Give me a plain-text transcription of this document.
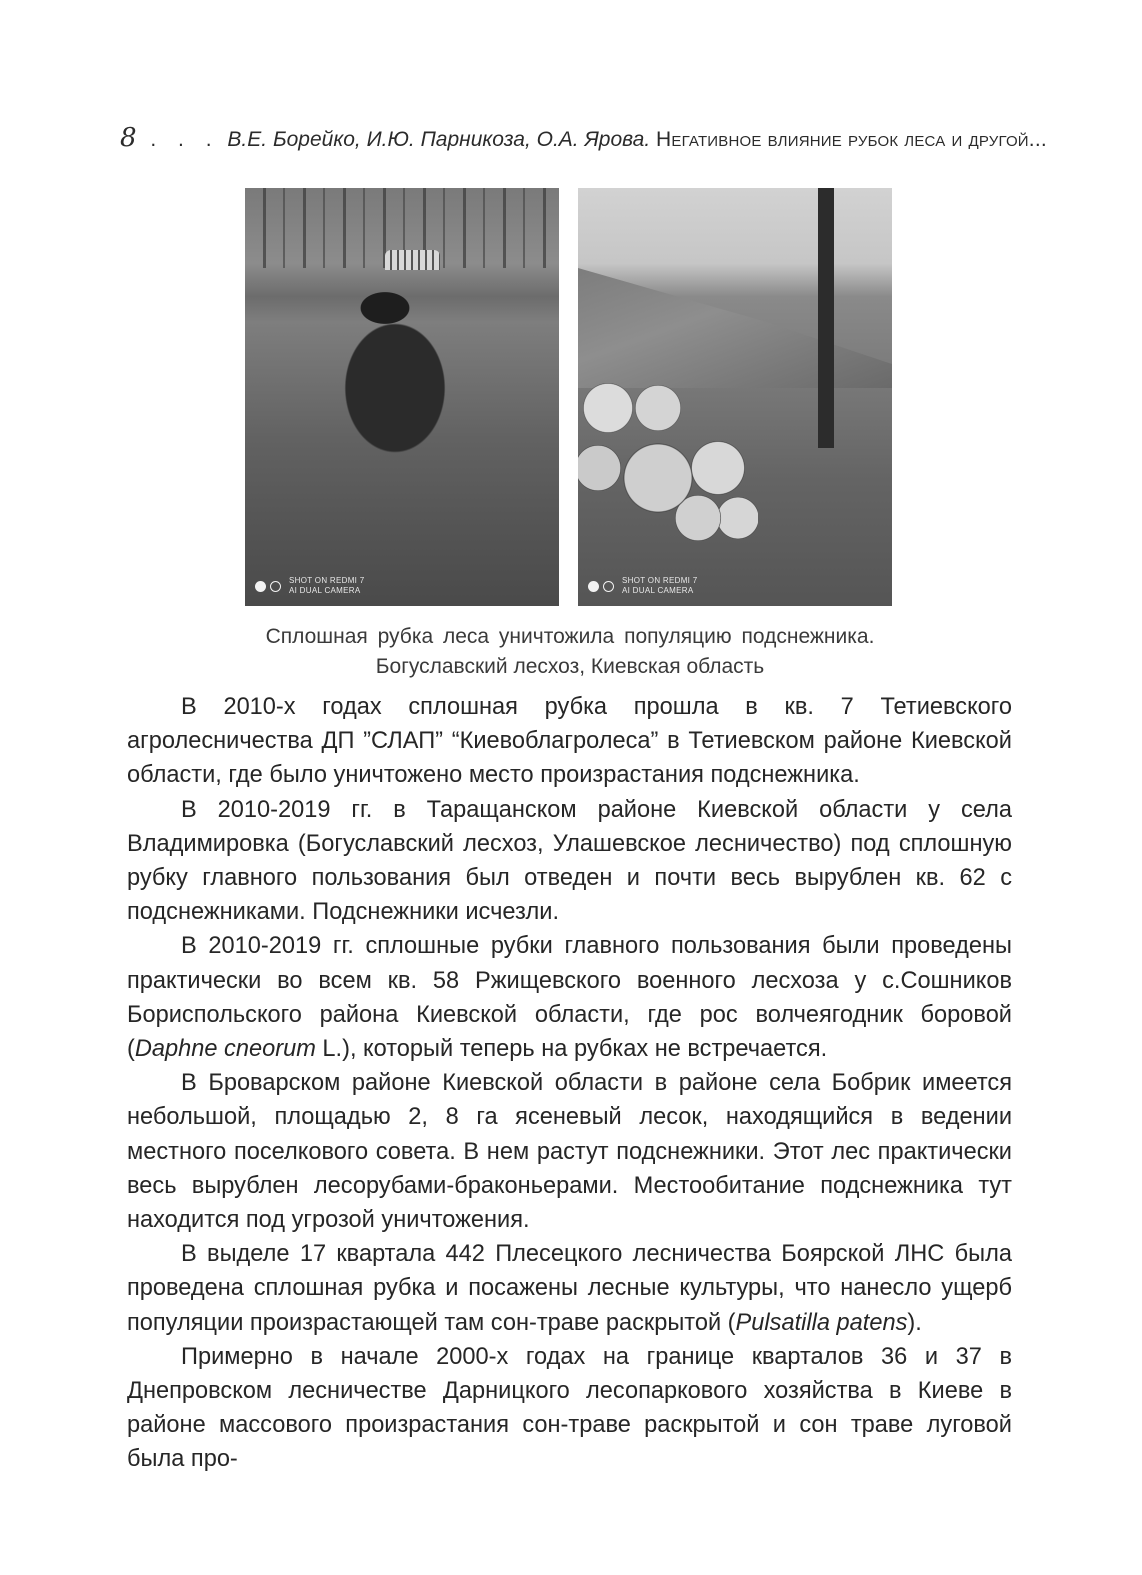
8 . . . В.Е. Борейко, И.Ю. Парникоза, О.А. Ярова. Негативное влияние рубок леса и другой...
SHOT ON REDMI 7
AI DUAL CAMERA
SHOT ON REDMI 7
AI DUAL CAMERA
Сплошная рубка леса уничтожила популяцию подснежника.
Богуславский лесхоз, Киевская область

В 2010-х годах сплошная рубка прошла в кв. 7 Тетиевского агролесничества ДП ”СЛАП” “Киевоблагролеса” в Тетиевском районе Киевской области, где было уничтожено место произрастания подснежника.

В 2010-2019 гг. в Таращанском районе Киевской области у села Владимировка (Богуславский лесхоз, Улашевское лесничество) под сплошную рубку главного пользования был отведен и почти весь вырублен кв. 62 с подснежниками. Подснежники исчезли.

В 2010-2019 гг. сплошные рубки главного пользования были проведены практически во всем кв. 58 Ржищевского военного лесхоза у с.Сошников Бориспольского района Киевской области, где рос волчеягодник боровой (Daphne cneorum L.), который теперь на рубках не встречается.

В Броварском районе Киевской области в районе села Бобрик имеется небольшой, площадью 2, 8 га ясеневый лесок, находящийся в ведении местного поселкового совета. В нем растут подснежники. Этот лес практически весь вырублен лесорубами-браконьерами. Местообитание подснежника тут находится под угрозой уничтожения.

В выделе 17 квартала 442 Плесецкого лесничества Боярской ЛНС была проведена сплошная рубка и посажены лесные культуры, что нанесло ущерб популяции произрастающей там сон-траве раскрытой (Pulsatilla patens).

Примерно в начале 2000-х годах на границе кварталов 36 и 37 в Днепровском лесничестве Дарницкого лесопаркового хозяйства в Киеве в районе массового произрастания сон-траве раскрытой и сон траве луговой была про-
